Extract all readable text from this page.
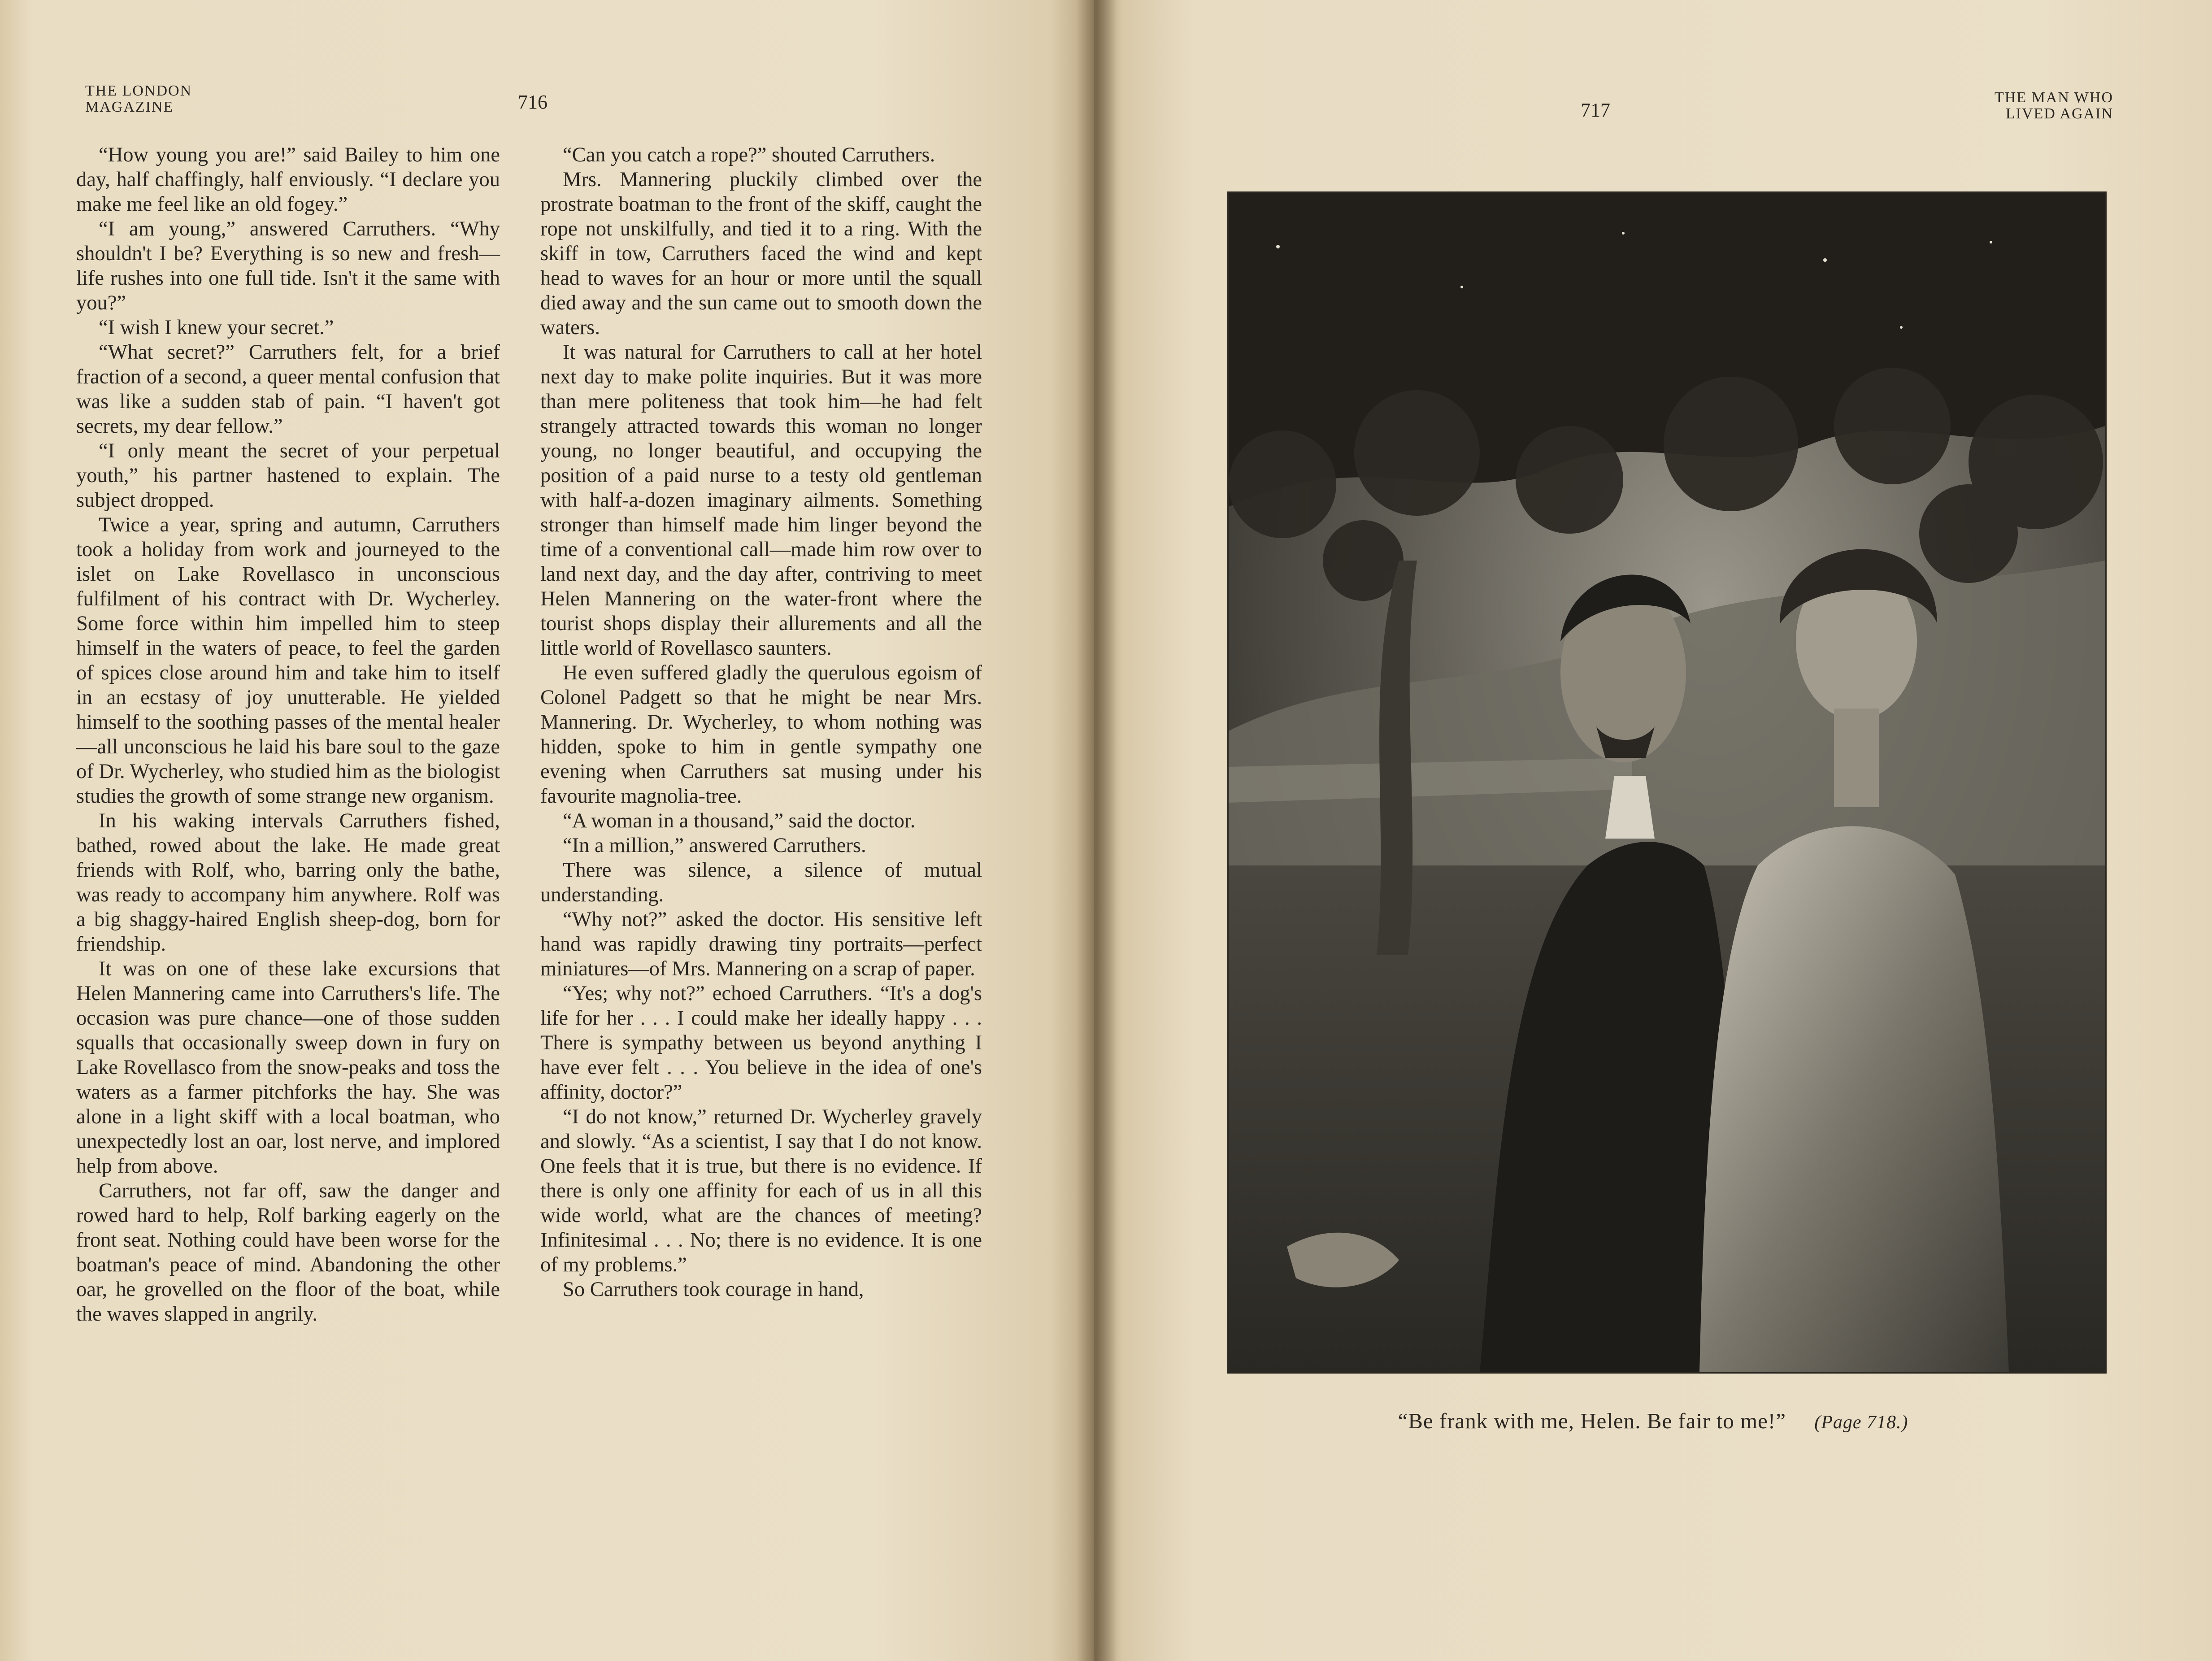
THE LONDON
MAGAZINE	716

“How young you are!” said Bailey to him one day, half chaffingly, half enviously. “I declare you make me feel like an old fogey.”

“I am young,” answered Carruthers. “Why shouldn't I be? Everything is so new and fresh—life rushes into one full tide. Isn't it the same with you?”

“I wish I knew your secret.”

“What secret?” Carruthers felt, for a brief fraction of a second, a queer mental confusion that was like a sudden stab of pain. “I haven't got secrets, my dear fellow.”

“I only meant the secret of your perpetual youth,” his partner hastened to explain. The subject dropped.

Twice a year, spring and autumn, Carruthers took a holiday from work and journeyed to the islet on Lake Rovellasco in unconscious fulfilment of his contract with Dr. Wycherley. Some force within him impelled him to steep himself in the waters of peace, to feel the garden of spices close around him and take him to itself in an ecstasy of joy unutterable. He yielded himself to the soothing passes of the mental healer—all unconscious he laid his bare soul to the gaze of Dr. Wycherley, who studied him as the biologist studies the growth of some strange new organism.

In his waking intervals Carruthers fished, bathed, rowed about the lake. He made great friends with Rolf, who, barring only the bathe, was ready to accompany him anywhere. Rolf was a big shaggy-haired English sheep-dog, born for friendship.

It was on one of these lake excursions that Helen Mannering came into Carruthers's life. The occasion was pure chance—one of those sudden squalls that occasionally sweep down in fury on Lake Rovellasco from the snow-peaks and toss the waters as a farmer pitchforks the hay. She was alone in a light skiff with a local boatman, who unexpectedly lost an oar, lost nerve, and implored help from above.

Carruthers, not far off, saw the danger and rowed hard to help, Rolf barking eagerly on the front seat. Nothing could have been worse for the boatman's peace of mind. Abandoning the other oar, he grovelled on the floor of the boat, while the waves slapped in angrily.

“Can you catch a rope?” shouted Carruthers.

Mrs. Mannering pluckily climbed over the prostrate boatman to the front of the skiff, caught the rope not unskilfully, and tied it to a ring. With the skiff in tow, Carruthers faced the wind and kept head to waves for an hour or more until the squall died away and the sun came out to smooth down the waters.

It was natural for Carruthers to call at her hotel next day to make polite inquiries. But it was more than mere politeness that took him—he had felt strangely attracted towards this woman no longer young, no longer beautiful, and occupying the position of a paid nurse to a testy old gentleman with half-a-dozen imaginary ailments. Something stronger than himself made him linger beyond the time of a conventional call—made him row over to land next day, and the day after, contriving to meet Helen Mannering on the water-front where the tourist shops display their allurements and all the little world of Rovellasco saunters.

He even suffered gladly the querulous egoism of Colonel Padgett so that he might be near Mrs. Mannering. Dr. Wycherley, to whom nothing was hidden, spoke to him in gentle sympathy one evening when Carruthers sat musing under his favourite magnolia-tree.

“A woman in a thousand,” said the doctor.

“In a million,” answered Carruthers.

There was silence, a silence of mutual understanding.

“Why not?” asked the doctor. His sensitive left hand was rapidly drawing tiny portraits—perfect miniatures—of Mrs. Mannering on a scrap of paper.

“Yes; why not?” echoed Carruthers. “It's a dog's life for her . . . I could make her ideally happy . . . There is sympathy between us beyond anything I have ever felt . . . You believe in the idea of one's affinity, doctor?”

“I do not know,” returned Dr. Wycherley gravely and slowly. “As a scientist, I say that I do not know. One feels that it is true, but there is no evidence. If there is only one affinity for each of us in all this wide world, what are the chances of meeting? Infinitesimal . . . No; there is no evidence. It is one of my problems.”

So Carruthers took courage in hand,

717
THE MAN WHO
LIVED AGAIN
“Be frank with me, Helen. Be fair to me!” (Page 718.)
